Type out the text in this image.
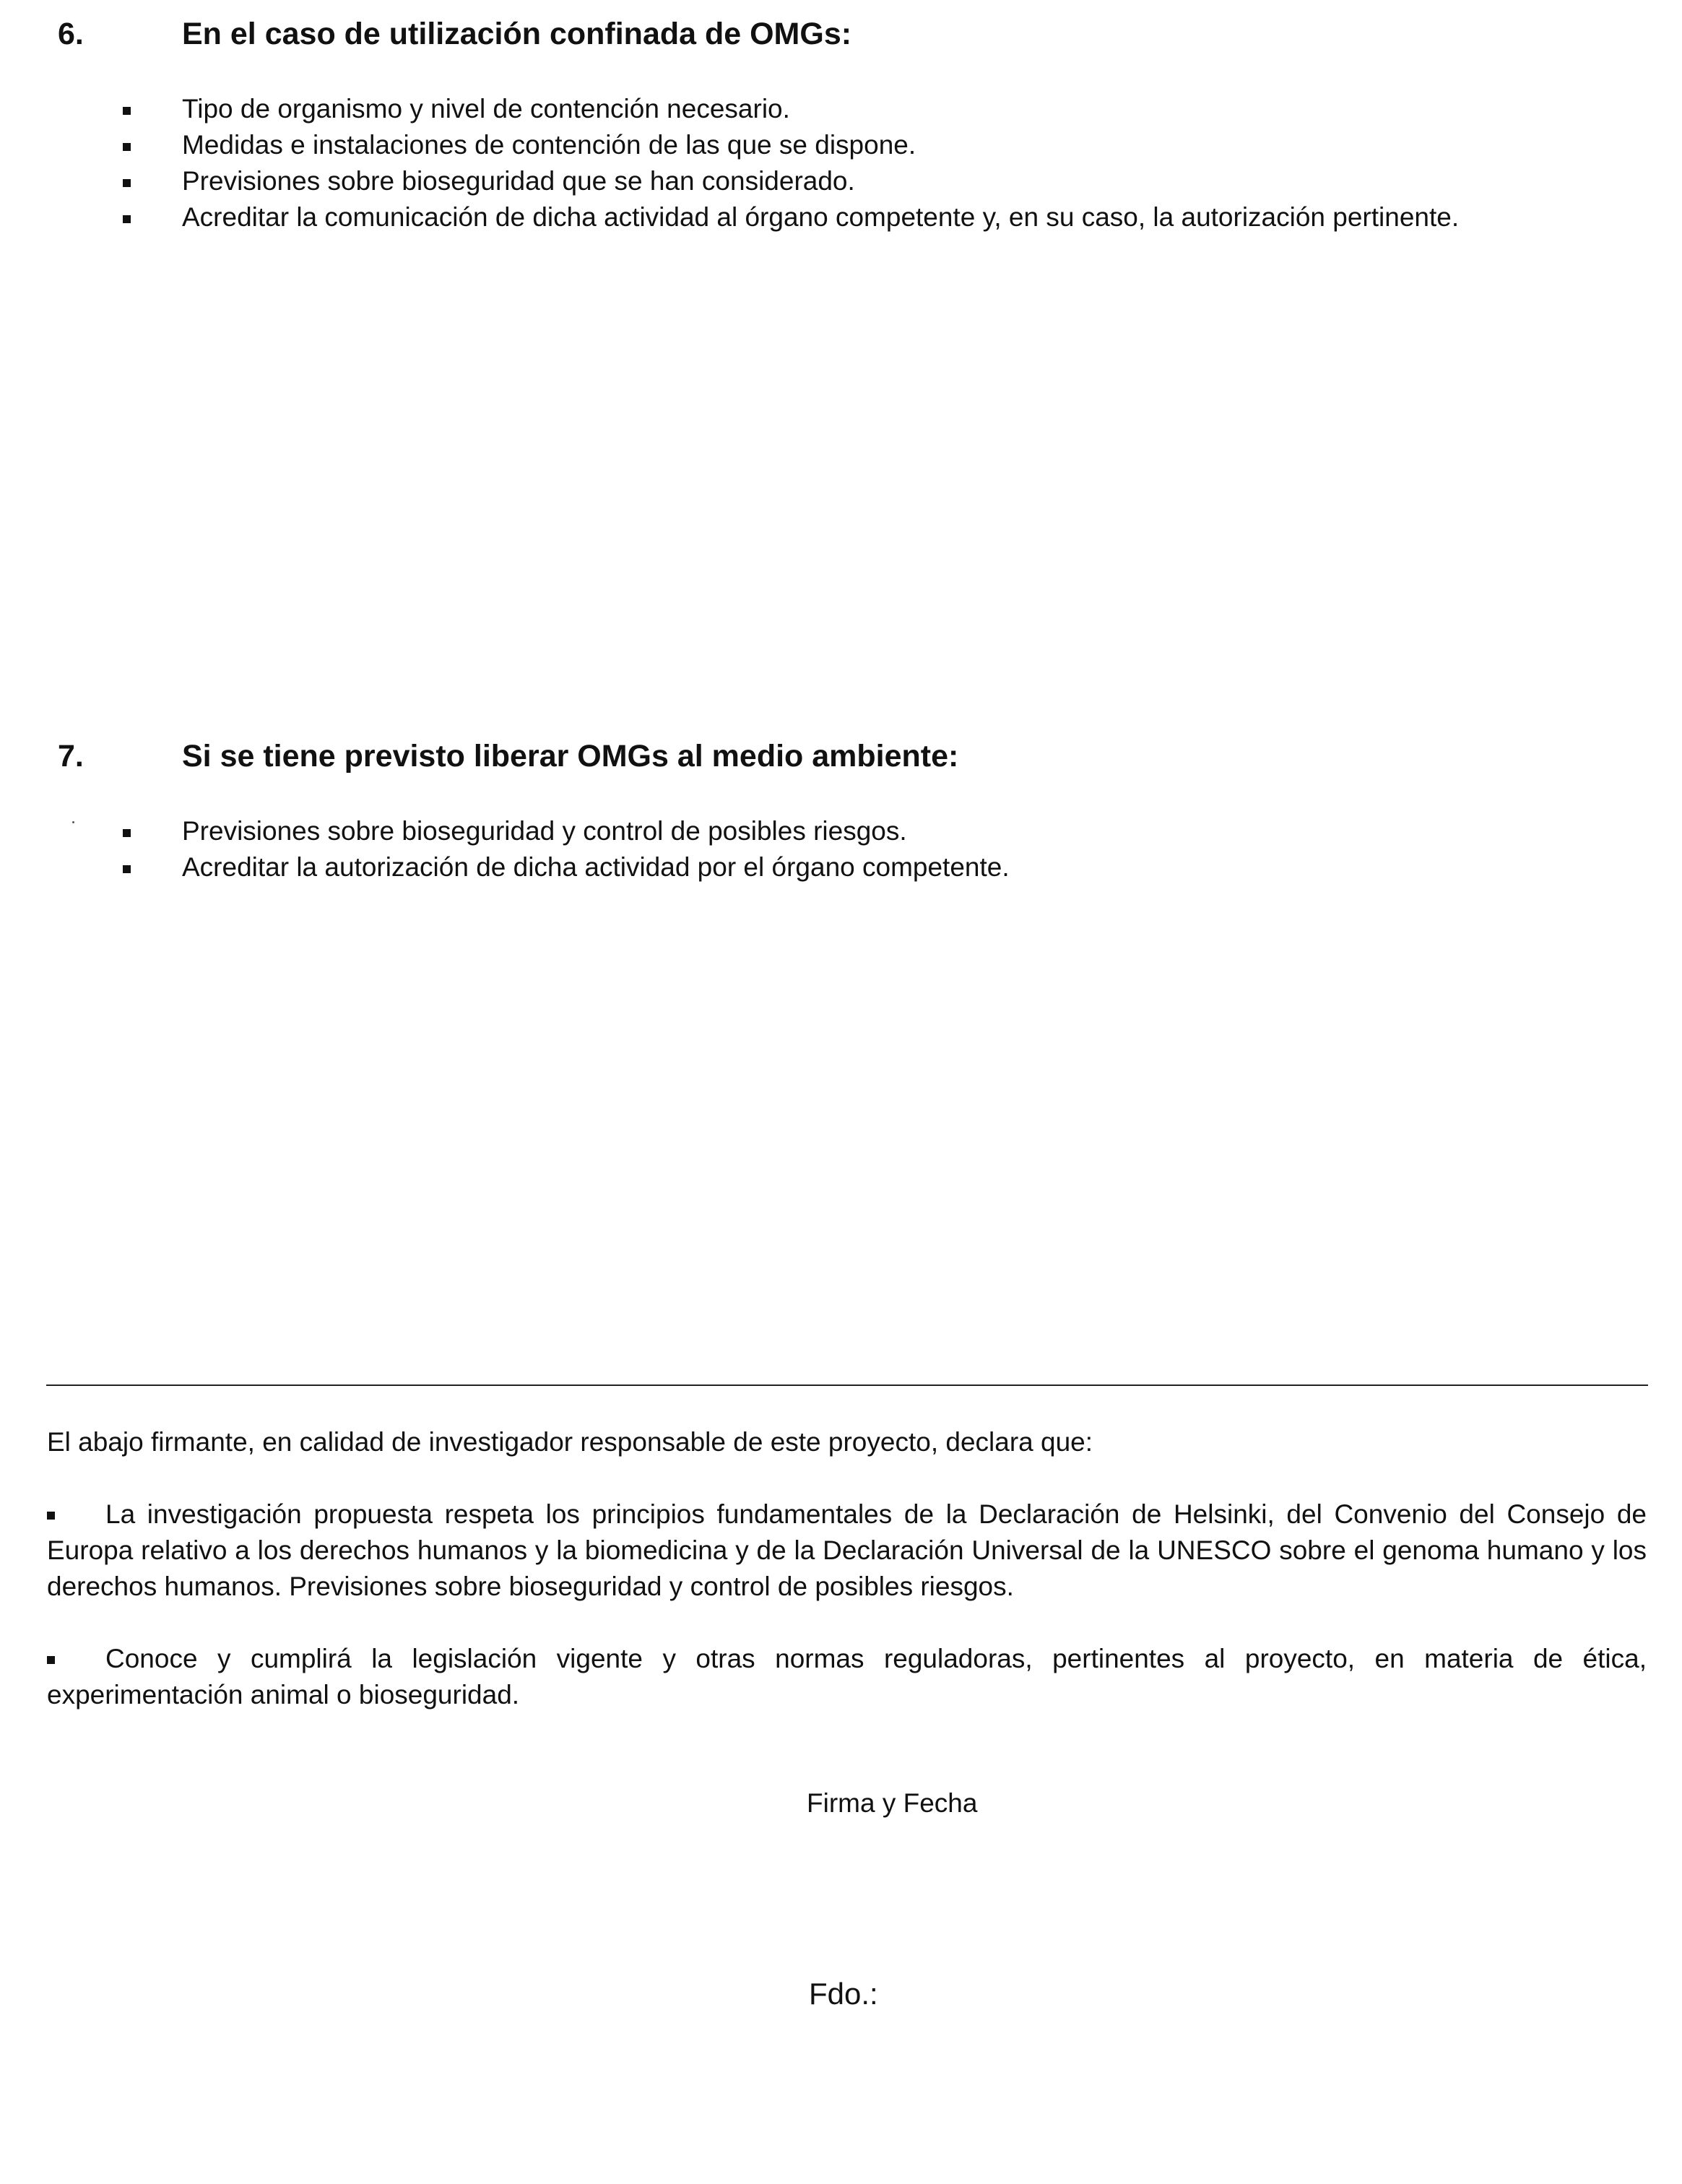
6.	En el caso de utilización confinada de OMGs:
Tipo de organismo y nivel de contención necesario.
Medidas e instalaciones de contención de las que se dispone.
Previsiones sobre bioseguridad que se han considerado.
Acreditar la comunicación de dicha actividad al órgano competente y, en su caso, la autorización pertinente.
7.	Si se tiene previsto liberar OMGs al medio ambiente:
Previsiones sobre bioseguridad y control de posibles riesgos.
Acreditar la autorización de dicha actividad por el órgano competente.
El abajo firmante, en calidad de investigador responsable de este proyecto, declara que:
La investigación propuesta respeta los principios fundamentales de la Declaración de Helsinki, del Convenio del Consejo de Europa relativo a los derechos humanos y la biomedicina y de la Declaración Universal de la UNESCO sobre el genoma humano y los derechos humanos. Previsiones sobre bioseguridad y control de posibles riesgos.
Conoce y cumplirá la legislación vigente y otras normas reguladoras, pertinentes al proyecto, en materia de ética, experimentación animal o bioseguridad.
Firma y Fecha
Fdo.:
